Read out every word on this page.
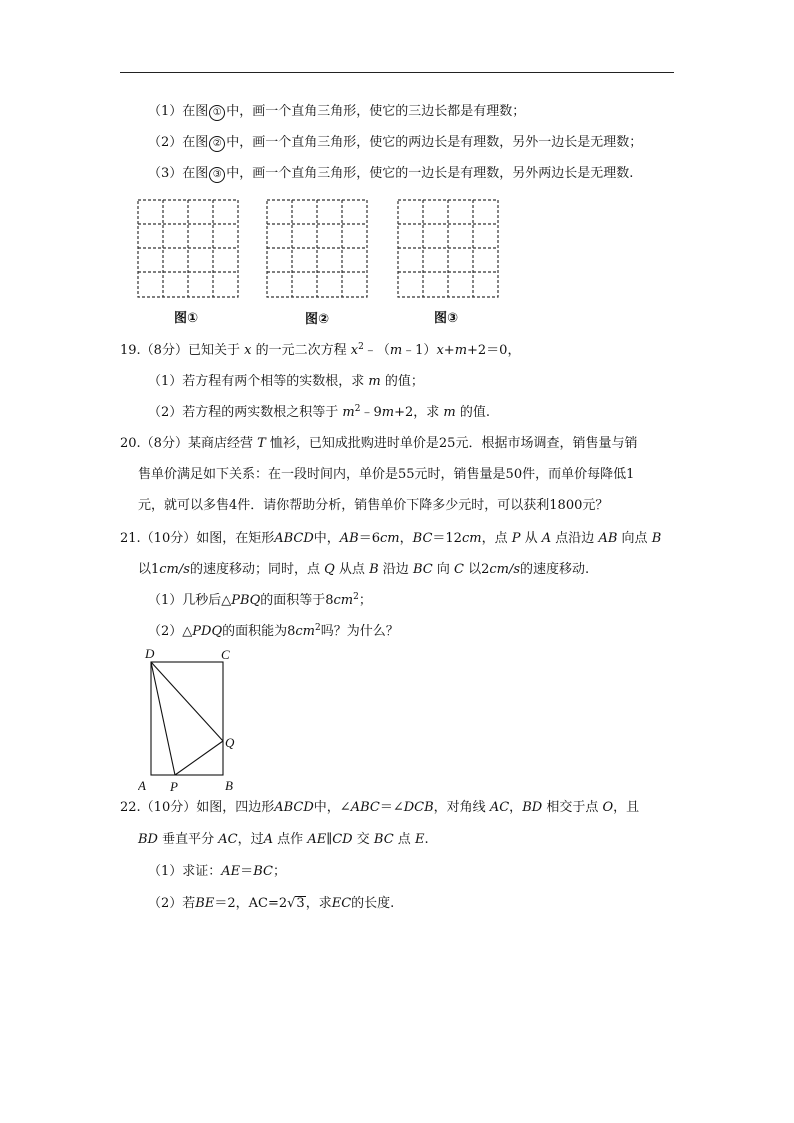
（1）在图 ① 中，画一个直角三角形，使它的三边长都是有理数；
（2）在图 ② 中，画一个直角三角形，使它的两边长是有理数，另外一边长是无理数；
（3）在图 ③ 中，画一个直角三角形，使它的一边长是有理数，另外两边长是无理数.
图①	图②	图③
19.（8分）已知关于 x 的一元二次方程 $x^2﹣(m﹣1)x+m+2=0$，
（1）若方程有两个相等的实数根，求 m 的值；
（2）若方程的两实数根之积等于 $m^2﹣9m+2$，求 m 的值.
20.（8分）某商店经营 T 恤衫，已知成批购进时单价是25元．根据市场调查，销售量与销
售单价满足如下关系：在一段时间内，单价是55元时，销售量是50件，而单价每降低1
元，就可以多售4件．请你帮助分析，销售单价下降多少元时，可以获利1800元？
21.（10分）如图，在矩形ABCD中，AB＝6cm，BC＝12cm，点 P 从 A 点沿边 AB 向点 B
以1cm/s的速度移动；同时，点 Q 从点 B 沿边 BC 向 C 以2cm/s的速度移动.
（1）几秒后△PBQ的面积等于$8cm^2$；
（2）△PDQ的面积能为$8cm^2$吗？为什么？
D	C
Q
A P	B
22.（10分）如图，四边形ABCD中，∠ABC＝∠DCB，对角线 AC，BD 相交于点 O，且
BD 垂直平分 AC，过A 点作 AE∥CD 交 BC 点 E.
（1）求证：AE＝BC；
（2）若BE＝2，AC=2√3，求EC的长度.
